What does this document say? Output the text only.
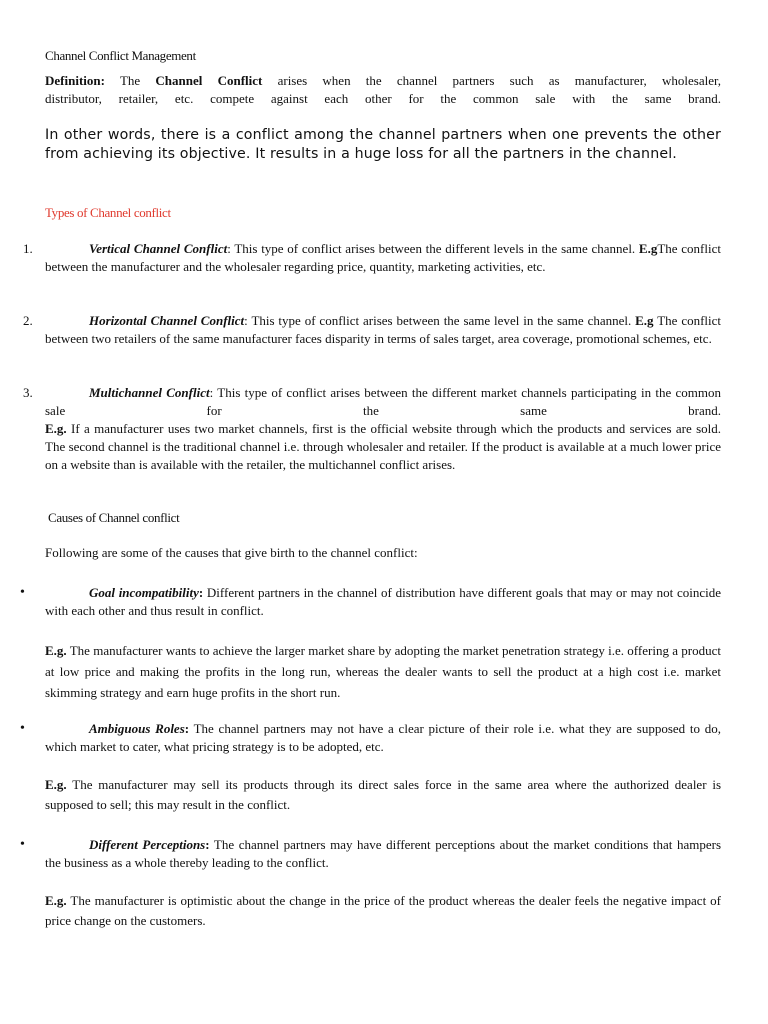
Channel Conflict Management
Definition: The Channel Conflict arises when the channel partners such as manufacturer, wholesaler,
distributor, retailer, etc. compete against each other for the common sale with the same brand.
In other words, there is a conflict among the channel partners when one prevents the other from achieving its objective. It results in a huge loss for all the partners in the channel.
Types of Channel conflict
1.	Vertical Channel Conflict: This type of conflict arises between the different levels in the same channel. E.gThe conflict between the manufacturer and the wholesaler regarding price, quantity, marketing activities, etc.
2.	Horizontal Channel Conflict: This type of conflict arises between the same level in the same channel. E.g The conflict between two retailers of the same manufacturer faces disparity in terms of sales target, area coverage, promotional schemes, etc.
3.	Multichannel Conflict: This type of conflict arises between the different market channels participating in the common sale for the same brand.
E.g. If a manufacturer uses two market channels, first is the official website through which the products and services are sold. The second channel is the traditional channel i.e. through wholesaler and retailer. If the product is available at a much lower price on a website than is available with the retailer, the multichannel conflict arises.
Causes of Channel conflict
Following are some of the causes that give birth to the channel conflict:
•	Goal incompatibility: Different partners in the channel of distribution have different goals that may or may not coincide with each other and thus result in conflict.
E.g. The manufacturer wants to achieve the larger market share by adopting the market penetration strategy i.e. offering a product at low price and making the profits in the long run, whereas the dealer wants to sell the product at a high cost i.e. market skimming strategy and earn huge profits in the short run.
•	Ambiguous Roles: The channel partners may not have a clear picture of their role i.e. what they are supposed to do, which market to cater, what pricing strategy is to be adopted, etc.
E.g. The manufacturer may sell its products through its direct sales force in the same area where the authorized dealer is supposed to sell; this may result in the conflict.
•	Different Perceptions: The channel partners may have different perceptions about the market conditions that hampers the business as a whole thereby leading to the conflict.
E.g. The manufacturer is optimistic about the change in the price of the product whereas the dealer feels the negative impact of price change on the customers.
